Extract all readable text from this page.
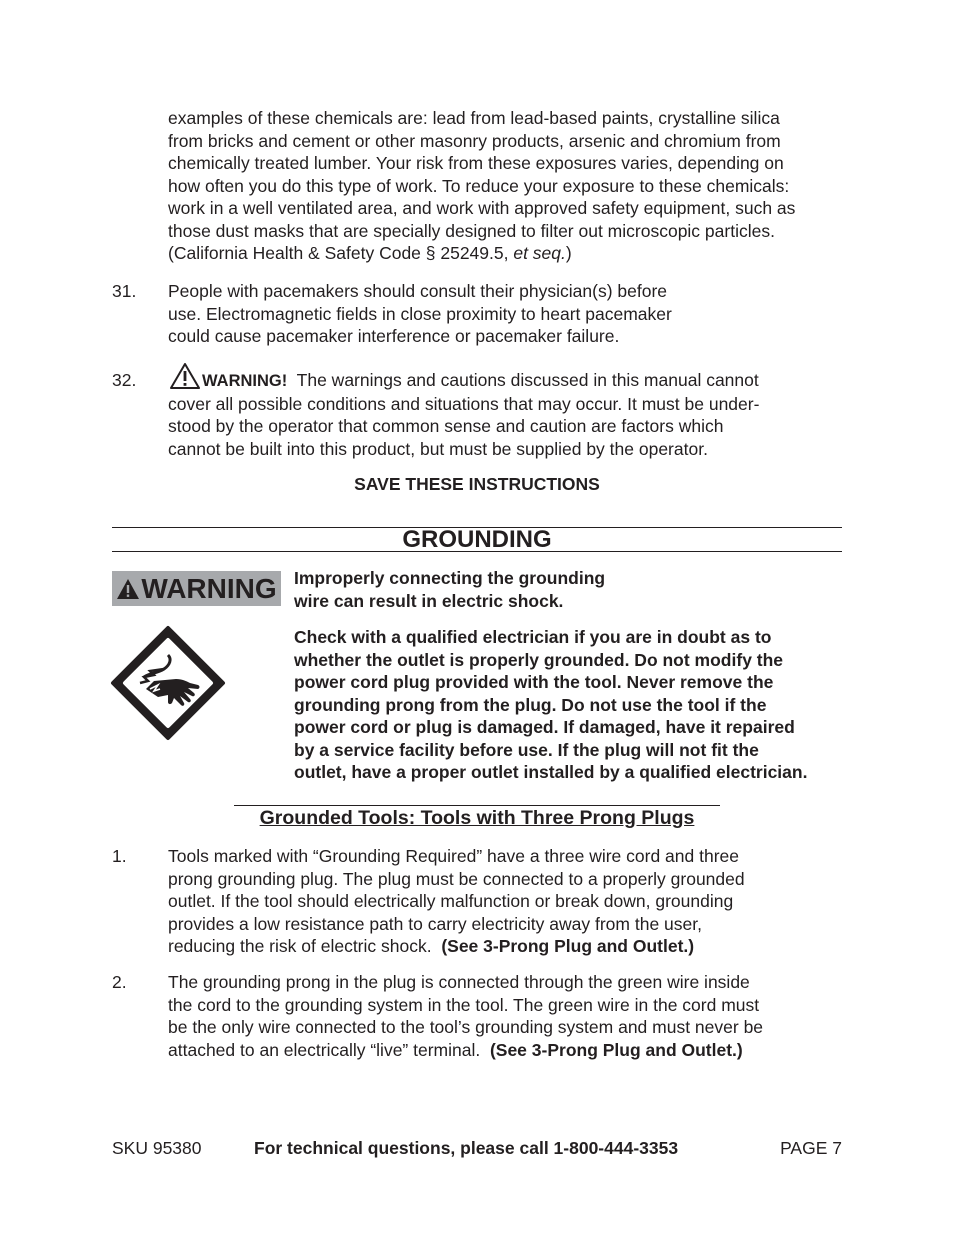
examples of these chemicals are: lead from lead-based paints, crystalline silica
from bricks and cement or other masonry products, arsenic and chromium from
chemically treated lumber. Your risk from these exposures varies, depending on
how often you do this type of work. To reduce your exposure to these chemicals:
work in a well ventilated area, and work with approved safety equipment, such as
those dust masks that are specially designed to filter out microscopic particles.
(California Health & Safety Code § 25249.5, et seq.)
31. People with pacemakers should consult their physician(s) before
use. Electromagnetic fields in close proximity to heart pacemaker
could cause pacemaker interference or pacemaker failure.
32.	WARNING!  The warnings and cautions discussed in this manual cannot
cover all possible conditions and situations that may occur. It must be under-
stood by the operator that common sense and caution are factors which
cannot be built into this product, but must be supplied by the operator.
SAVE THESE INSTRUCTIONS
GROUNDING
WARNING Improperly connecting the grounding
wire can result in electric shock.
Check with a qualified electrician if you are in doubt as to
whether the outlet is properly grounded. Do not modify the
power cord plug provided with the tool. Never remove the
grounding prong from the plug. Do not use the tool if the
power cord or plug is damaged. If damaged, have it repaired
by a service facility before use. If the plug will not fit the
outlet, have a proper outlet installed by a qualified electrician.
Grounded Tools: Tools with Three Prong Plugs
1. Tools marked with “Grounding Required” have a three wire cord and three
prong grounding plug. The plug must be connected to a properly grounded
outlet. If the tool should electrically malfunction or break down, grounding
provides a low resistance path to carry electricity away from the user,
reducing the risk of electric shock.  (See 3-Prong Plug and Outlet.)
2. The grounding prong in the plug is connected through the green wire inside
the cord to the grounding system in the tool. The green wire in the cord must
be the only wire connected to the tool’s grounding system and must never be
attached to an electrically “live” terminal.  (See 3-Prong Plug and Outlet.)
SKU 95380	For technical questions, please call 1-800-444-3353	PAGE 7
